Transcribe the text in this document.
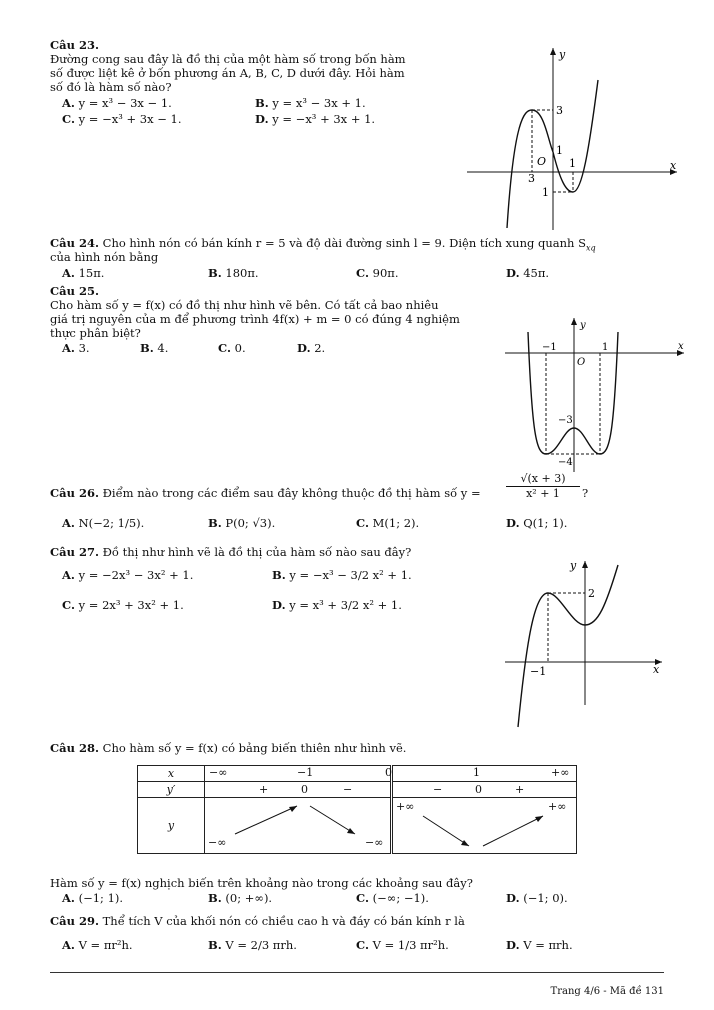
Câu 23.
Đường cong sau đây là đồ thị của một hàm số trong bốn hàm
số được liệt kê ở bốn phương án A, B, C, D dưới đây. Hỏi hàm
số đó là hàm số nào?
A. y = x³ − 3x − 1.	B. y = x³ − 3x + 1.
C. y = −x³ + 3x − 1.	D. y = −x³ + 3x + 1.
y
x
O
3
1
1
3
1
Câu 24. Cho hình nón có bán kính r = 5 và độ dài đường sinh l = 9. Diện tích xung quanh $S_{xq}$
của hình nón bằng
A. 15π.	B. 180π.	C. 90π.	D. 45π.
Câu 25.
Cho hàm số y = f(x) có đồ thị như hình vẽ bên. Có tất cả bao nhiêu
giá trị nguyên của m để phương trình 4f(x) + m = 0 có đúng 4 nghiệm
thực phân biệt?
A. 3.	B. 4.	C. 0.	D. 2.
y
x
O
−1	1
−3
−4
Câu 26. Điểm nào trong các điểm sau đây không thuộc đồ thị hàm số y =
√(x + 3)
x² + 1	?
A. N(−2; 1/5).	B. P(0; √3).	C. M(1; 2).	D. Q(1; 1).
Câu 27. Đồ thị như hình vẽ là đồ thị của hàm số nào sau đây?
A. y = −2x³ − 3x² + 1.	B. y = −x³ − 3/2 x² + 1.
C. y = 2x³ + 3x² + 1.	D. y = x³ + 3/2 x² + 1.
y
x
2
−1
Câu 28. Cho hàm số y = f(x) có bảng biến thiên như hình vẽ.
x	−∞ −1 0	1 +∞

y′	+ 0 −	− 0 +

y	−∞ −∞	+∞ +∞
Hàm số y = f(x) nghịch biến trên khoảng nào trong các khoảng sau đây?
A. (−1; 1).	B. (0; +∞).	C. (−∞; −1).	D. (−1; 0).
Câu 29. Thể tích V của khối nón có chiều cao h và đáy có bán kính r là
A. V = πr²h.	B. V = 2/3 πrh.	C. V = 1/3 πr²h.	D. V = πrh.
Trang 4/6 - Mã đề 131
